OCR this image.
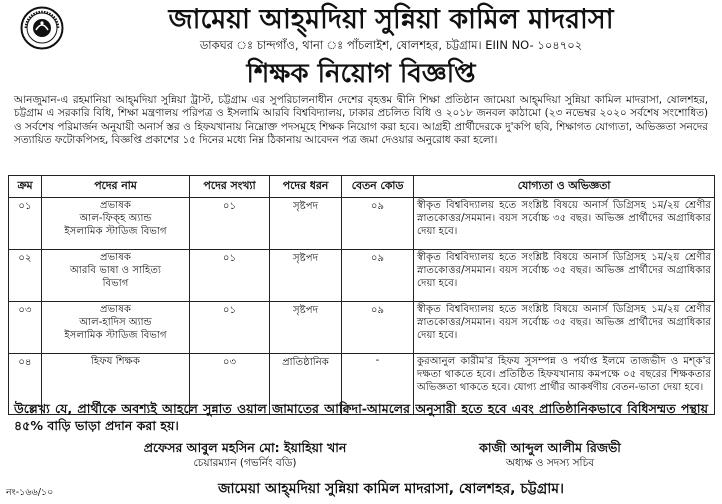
জামেয়া আহ্‌মদিয়া সুন্নিয়া কামিল মাদরাসা
ডাকঘর ঃ চান্দগাঁও, থানা ঃ পাঁচলাইশ, ষোলশহর, চট্টগ্রাম। EIIN NO- ১০৪৭০২
শিক্ষক নিয়োগ বিজ্ঞপ্তি
আনজুমান-এ রহমানিয়া আহ্‌মদিয়া সুন্নিয়া ট্রাস্ট, চট্টগ্রাম এর সুপরিচালনাধীন দেশের বৃহত্তম দ্বীনি শিক্ষা প্রতিষ্ঠান জামেয়া আহ্‌মদিয়া সুন্নিয়া কামিল মাদরাসা, ষোলশহর, চট্টগ্রাম এ সরকারি বিধি, শিক্ষা মন্ত্রণালয় পরিপত্র ও ইসলামি আরবি বিশ্ববিদ্যালয়, ঢাকার প্রচলিত বিধি ও ২০১৮ জনবল কাঠামো (২৩ নভেম্বর ২০২০ সর্বশেষ সংশোধিত) ও সর্বশেষ পরিমার্জন অনুযায়ী অনার্স স্তর ও হিফযখানায় নিম্নোক্ত পদসমূহে শিক্ষক নিয়োগ করা হবে। আগ্রহী প্রার্থীদেরকে দু'কপি ছবি, শিক্ষাগত যোগ্যতা, অভিজ্ঞতা সনদের সত্যায়িত ফটোকপিসহ, বিজ্ঞপ্তি প্রকাশের ১৫ দিনের মধ্যে নিম্ন ঠিকানায় আবেদন পত্র জমা দেওয়ার অনুরোধ করা হলো।
ক্রম	পদের নাম	পদের সংখ্যা	পদের ধরন	বেতন কোড	যোগ্যতা ও অভিজ্ঞতা
০১	প্রভাষক
আল-ফিক্‌হ অ্যান্ড
ইসলামিক স্টাডিজ বিভাগ	০১	সৃষ্টপদ	০৯	স্বীকৃত বিশ্ববিদ্যালয় হতে সংশ্লিষ্ট বিষয়ে অনার্স ডিগ্রিসহ ১ম/২য় শ্রেণীর স্নাতকোত্তর/সমমান। বয়স সর্বোচ্চ ৩৫ বছর। অভিজ্ঞ প্রার্থীদের অগ্রাধিকার দেয়া হবে।
০২	প্রভাষক
আরবি ভাষা ও সাহিত্য
বিভাগ	০১	সৃষ্টপদ	০৯	স্বীকৃত বিশ্ববিদ্যালয় হতে সংশ্লিষ্ট বিষয়ে অনার্স ডিগ্রিসহ ১ম/২য় শ্রেণীর স্নাতকোত্তর/সমমান। বয়স সর্বোচ্চ ৩৫ বছর। অভিজ্ঞ প্রার্থীদের অগ্রাধিকার দেয়া হবে।
০৩	প্রভাষক
আল-হাদিস অ্যান্ড
ইসলামিক স্টাডিজ বিভাগ	০১	সৃষ্টপদ	০৯	স্বীকৃত বিশ্ববিদ্যালয় হতে সংশ্লিষ্ট বিষয়ে অনার্স ডিগ্রিসহ ১ম/২য় শ্রেণীর স্নাতকোত্তর/সমমান। বয়স সর্বোচ্চ ৩৫ বছর। অভিজ্ঞ প্রার্থীদের অগ্রাধিকার দেয়া হবে।
০৪	হিফয শিক্ষক	০৩	প্রাতিষ্ঠানিক	-	কুরআনুল কারীম'র হিফয সুসম্পন্ন ও পর্যাপ্ত ইলমে তাজভীদ ও মশ্‌ক'র দক্ষতা থাকতে হবে। প্রতিষ্ঠিত হিফযখানায় কমপক্ষে ০৫ বছরের শিক্ষকতার অভিজ্ঞতা থাকতে হবে। যোগ্য প্রার্থীর আকর্ষণীয় বেতন-ভাতা দেয়া হবে।
উল্লেখ্য যে, প্রার্থীকে অবশ্যই আহলে সুন্নাত ওয়াল জামাতের আক্বিদা-আমলের অনুসারী হতে হবে এবং প্রাতিষ্ঠানিকভাবে বিধিসম্মত পন্থায় ৪৫% বাড়ি ভাড়া প্রদান করা হয়।
প্রফেসর আবুল মহসিন মো: ইয়াহিয়া খান
চেয়ারম্যান (গভর্নিং বডি)
কাজী আব্দুল আলীম রিজভী
অধ্যক্ষ ও সদস্য সচিব
নং-১৬৬/১০	জামেয়া আহ্‌মদিয়া সুন্নিয়া কামিল মাদরাসা, ষোলশহর, চট্টগ্রাম।
